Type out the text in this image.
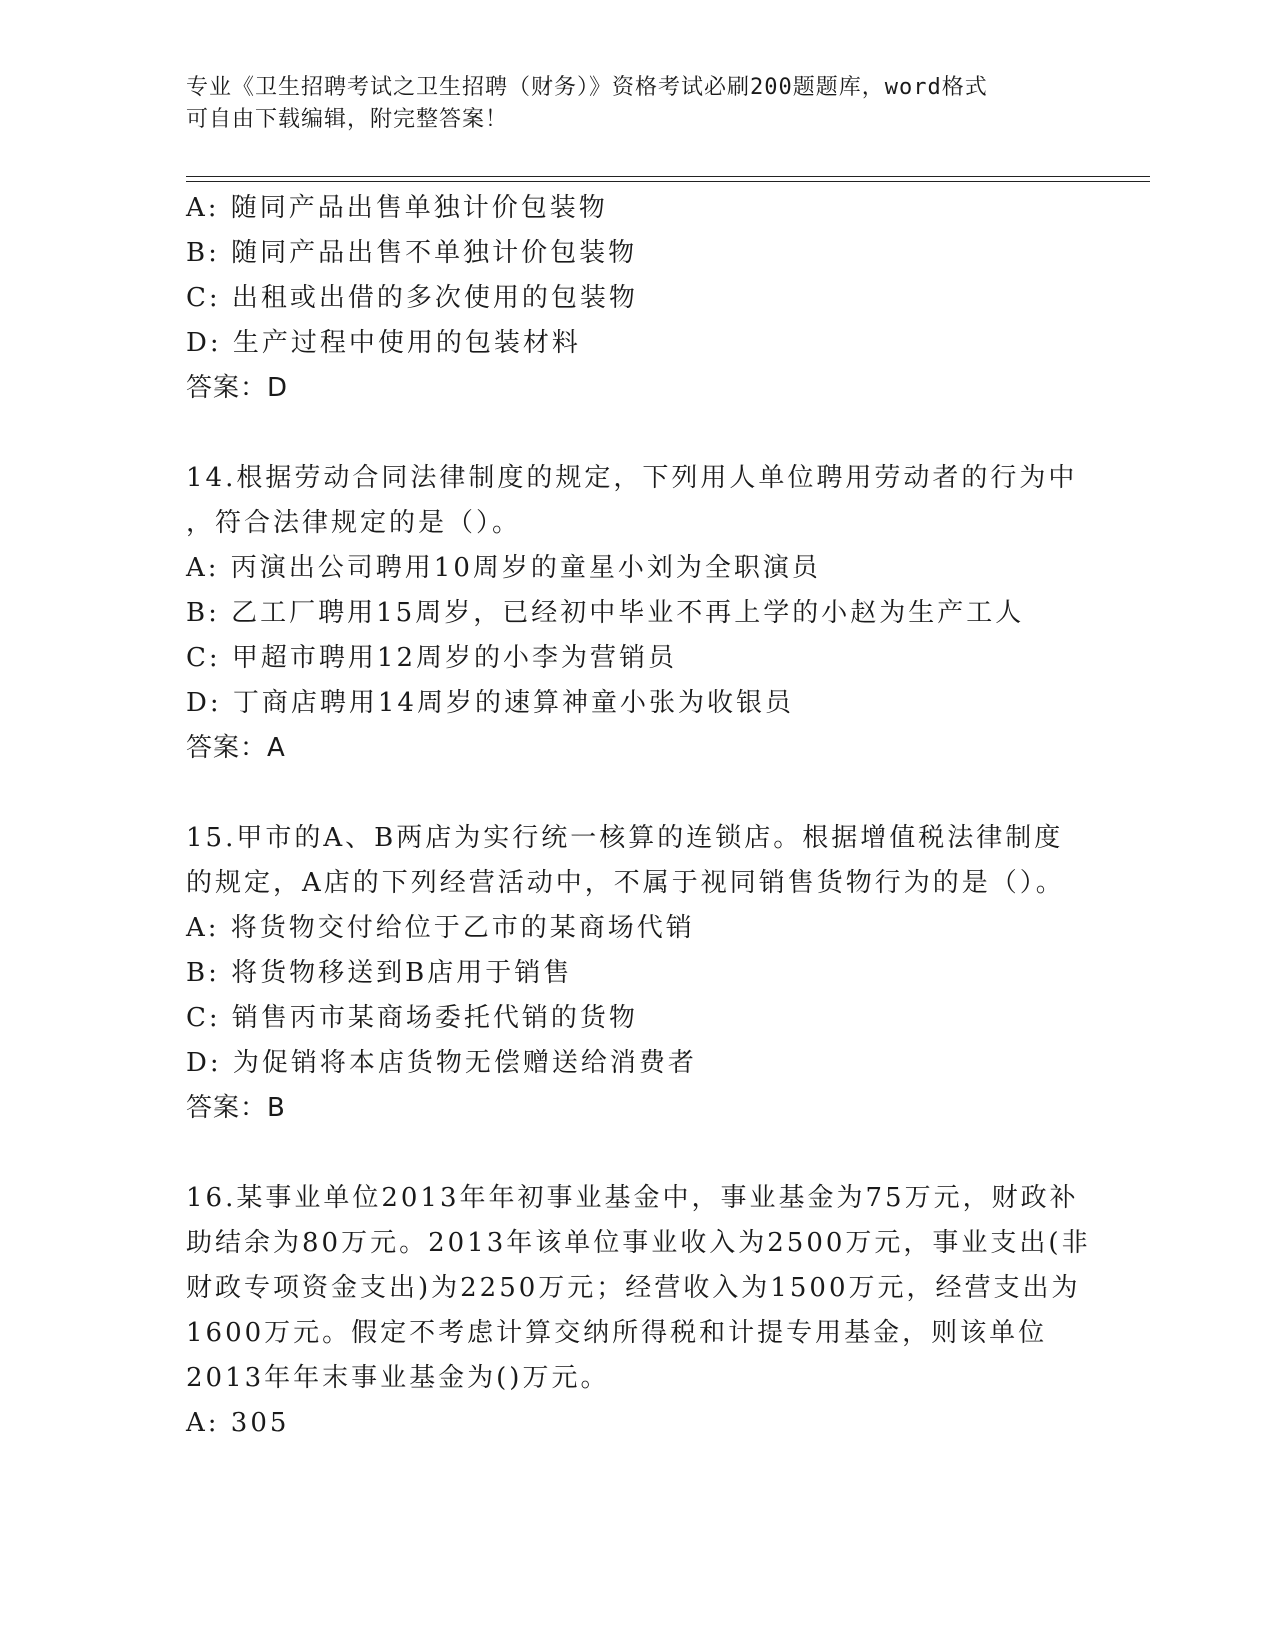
专业《卫生招聘考试之卫生招聘（财务）》资格考试必刷200题题库，word格式
可自由下载编辑，附完整答案！
A: 随同产品出售单独计价包装物
B: 随同产品出售不单独计价包装物
C: 出租或出借的多次使用的包装物
D: 生产过程中使用的包装材料
答案：D
14.根据劳动合同法律制度的规定，下列用人单位聘用劳动者的行为中
，符合法律规定的是（）。
A: 丙演出公司聘用10周岁的童星小刘为全职演员
B: 乙工厂聘用15周岁，已经初中毕业不再上学的小赵为生产工人
C: 甲超市聘用12周岁的小李为营销员
D: 丁商店聘用14周岁的速算神童小张为收银员
答案：A
15.甲市的A、B两店为实行统一核算的连锁店。根据增值税法律制度
的规定，A店的下列经营活动中，不属于视同销售货物行为的是（）。
A: 将货物交付给位于乙市的某商场代销
B: 将货物移送到B店用于销售
C: 销售丙市某商场委托代销的货物
D: 为促销将本店货物无偿赠送给消费者
答案：B
16.某事业单位2013年年初事业基金中，事业基金为75万元，财政补
助结余为80万元。2013年该单位事业收入为2500万元，事业支出(非
财政专项资金支出)为2250万元；经营收入为1500万元，经营支出为
1600万元。假定不考虑计算交纳所得税和计提专用基金，则该单位
2013年年末事业基金为()万元。
A: 305
